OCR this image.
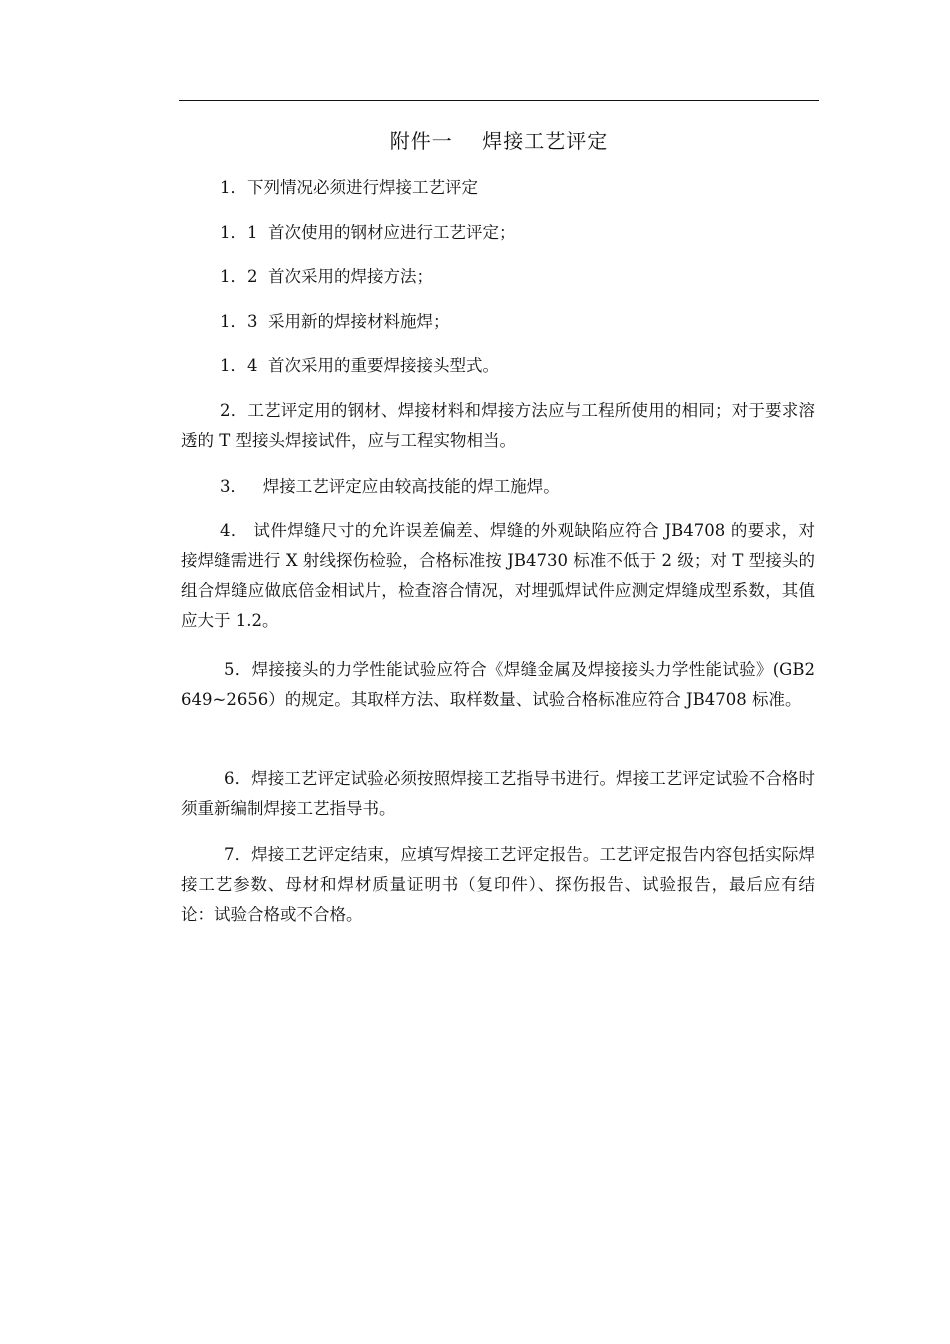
附件一    焊接工艺评定

1．下列情况必须进行焊接工艺评定

1．1  首次使用的钢材应进行工艺评定；

1．2  首次采用的焊接方法；

1．3  采用新的焊接材料施焊；

1．4  首次采用的重要焊接接头型式。

2．工艺评定用的钢材、焊接材料和焊接方法应与工程所使用的相同；对于要求溶透的 T 型接头焊接试件，应与工程实物相当。

3．   焊接工艺评定应由较高技能的焊工施焊。

4． 试件焊缝尺寸的允许误差偏差、焊缝的外观缺陷应符合 JB4708 的要求，对接焊缝需进行 X 射线探伤检验，合格标准按 JB4730 标准不低于 2 级；对 T 型接头的组合焊缝应做底倍金相试片，检查溶合情况，对埋弧焊试件应测定焊缝成型系数，其值应大于 1.2。

5．焊接接头的力学性能试验应符合《焊缝金属及焊接接头力学性能试验》(GB2649~2656）的规定。其取样方法、取样数量、试验合格标准应符合 JB4708 标准。

6．焊接工艺评定试验必须按照焊接工艺指导书进行。焊接工艺评定试验不合格时须重新编制焊接工艺指导书。

7．焊接工艺评定结束，应填写焊接工艺评定报告。工艺评定报告内容包括实际焊接工艺参数、母材和焊材质量证明书（复印件）、探伤报告、试验报告，最后应有结论：试验合格或不合格。
